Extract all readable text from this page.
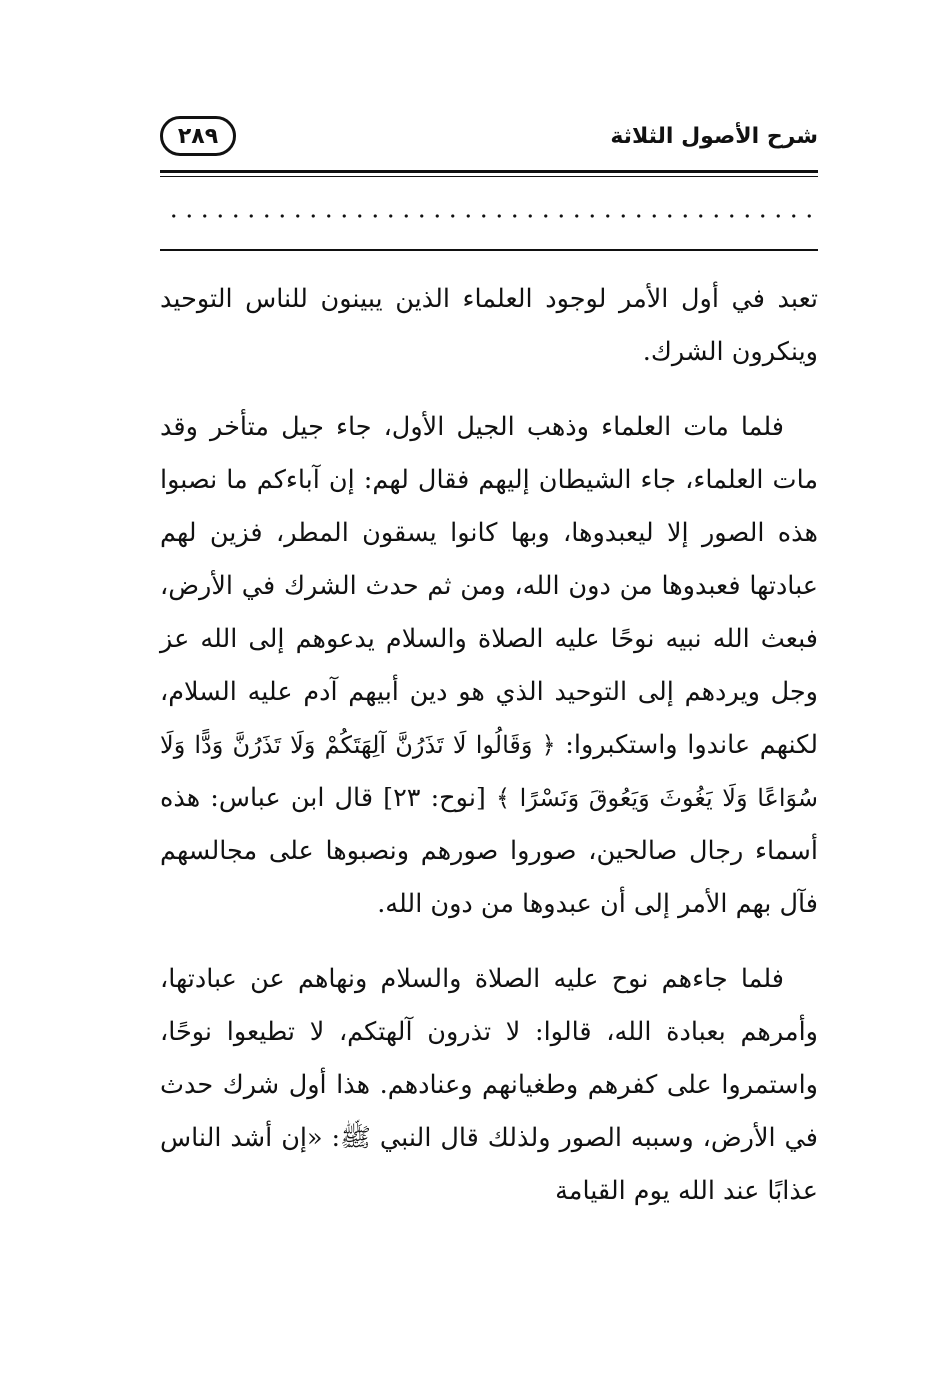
شرح الأصول الثلاثة
٢٨٩

تعبد في أول الأمر لوجود العلماء الذين يبينون للناس التوحيد وينكرون الشرك.

فلما مات العلماء وذهب الجيل الأول، جاء جيل متأخر وقد مات العلماء، جاء الشيطان إليهم فقال لهم: إن آباءكم ما نصبوا هذه الصور إلا ليعبدوها، وبها كانوا يسقون المطر، فزين لهم عبادتها فعبدوها من دون الله، ومن ثم حدث الشرك في الأرض، فبعث الله نبيه نوحًا عليه الصلاة والسلام يدعوهم إلى الله عز وجل ويردهم إلى التوحيد الذي هو دين أبيهم آدم عليه السلام، لكنهم عاندوا واستكبروا: ﴿ وَقَالُوا لَا تَذَرُنَّ آلِهَتَكُمْ وَلَا تَذَرُنَّ وَدًّا وَلَا سُوَاعًا وَلَا يَغُوثَ وَيَعُوقَ وَنَسْرًا ﴾ [نوح: ٢٣] قال ابن عباس: هذه أسماء رجال صالحين، صوروا صورهم ونصبوها على مجالسهم فآل بهم الأمر إلى أن عبدوها من دون الله.

فلما جاءهم نوح عليه الصلاة والسلام ونهاهم عن عبادتها، وأمرهم بعبادة الله، قالوا: لا تذرون آلهتكم، لا تطيعوا نوحًا، واستمروا على كفرهم وطغيانهم وعنادهم. هذا أول شرك حدث في الأرض، وسببه الصور ولذلك قال النبي ﷺ: «إن أشد الناس عذابًا عند الله يوم القيامة
